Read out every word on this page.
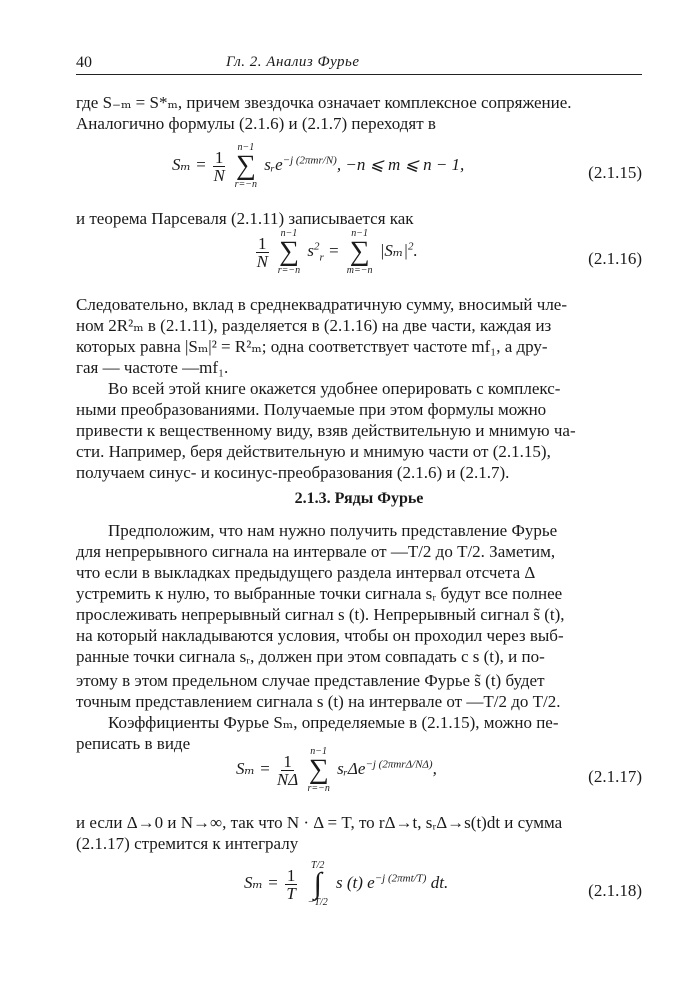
40	Гл. 2. Анализ Фурье
где S₋ₘ = S*ₘ, причем звездочка означает комплексное сопряжение.
Аналогично формулы (2.1.6) и (2.1.7) переходят в
$S_m = \frac{1}{N}$

n−1
∑
r=−n
sᵣe$^{-j (2\pi mr/N)}$, −n ⩽ m ⩽ n − 1,	(2.1.15)
и теорема Парсеваля (2.1.11) записывается как
$\frac{1}{N}$

n−1
∑
r=−n
$s^2_r$ =
n−1
∑
m=−n
$|S_m|^2$.	(2.1.16)
Следовательно, вклад в среднеквадратичную сумму, вносимый чле-
ном 2R²ₘ в (2.1.11), разделяется в (2.1.16) на две части, каждая из
которых равна |Sₘ|² = R²ₘ; одна соответствует частоте mf₁, а дру-
гая — частоте —mf₁.
Во всей этой книге окажется удобнее оперировать с комплекс-
ными преобразованиями. Получаемые при этом формулы можно
привести к вещественному виду, взяв действительную и мнимую ча-
сти. Например, беря действительную и мнимую части от (2.1.15),
получаем синус- и косинус-преобразования (2.1.6) и (2.1.7).
2.1.3. Ряды Фурье
Предположим, что нам нужно получить представление Фурье
для непрерывного сигнала на интервале от —T/2 до T/2. Заметим,
что если в выкладках предыдущего раздела интервал отсчета Δ
устремить к нулю, то выбранные точки сигнала sᵣ будут все полнее
прослеживать непрерывный сигнал s (t). Непрерывный сигнал s̃ (t),
на который накладываются условия, чтобы он проходил через выб-
ранные точки сигнала sᵣ, должен при этом совпадать с s (t), и по-
этому в этом предельном случае представление Фурье s̃ (t) будет
точным представлением сигнала s (t) на интервале от —T/2 до T/2.
Коэффициенты Фурье Sₘ, определяемые в (2.1.15), можно пе-
реписать в виде
$S_m = \frac{1}{N\Delta}$

n−1
∑
r=−n
sᵣΔe$^{-j (2\pi mr\Delta/N\Delta)}$,	(2.1.17)
и если Δ→0 и N→∞, так что N · Δ = T, то rΔ→t, sᵣΔ→s(t)dt и сумма
(2.1.17) стремится к интегралу
$S_m = \frac{1}{T}$

T/2
∫
−T/2
s (t) $e^{-j (2\pi mt/T)}$ dt.	(2.1.18)
